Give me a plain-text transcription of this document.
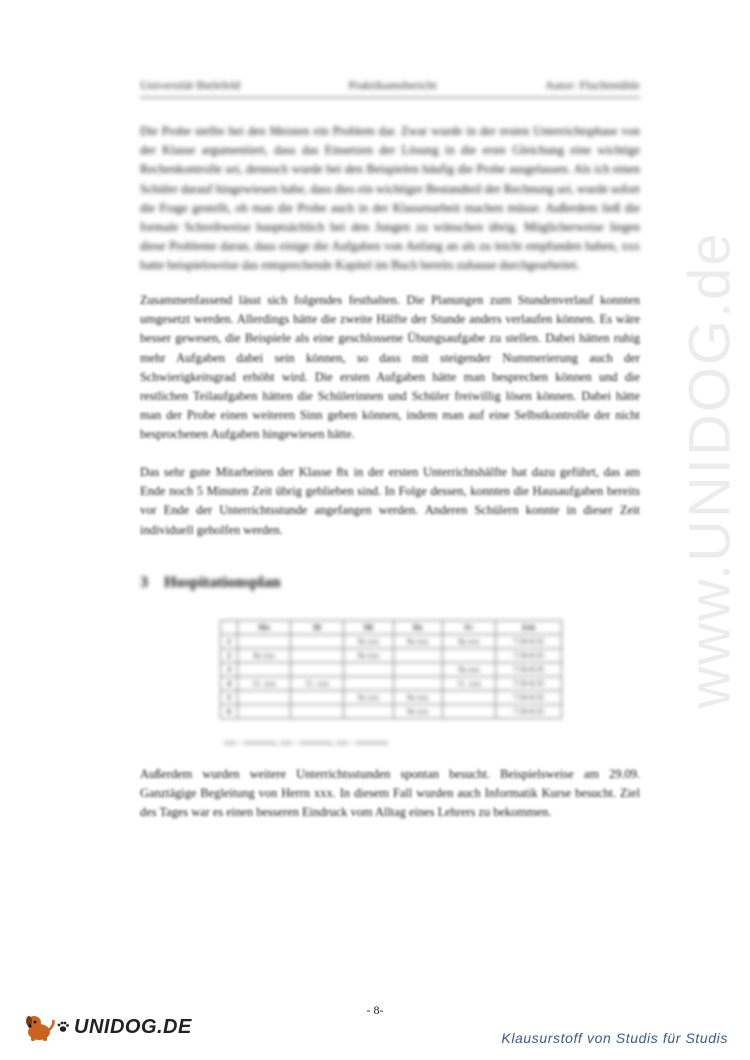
Universität Bielefeld	Praktikumsbericht	Autor: Fluchtmühle

Die Probe stellte bei den Meisten ein Problem dar. Zwar wurde in der ersten Unterrichtsphase von der Klasse argumentiert, dass das Einsetzen der Lösung in die erste Gleichung eine wichtige Rechenkontrolle sei, dennoch wurde bei den Beispielen häufig die Probe ausgelassen. Als ich einen Schüler darauf hingewiesen habe, dass dies ein wichtiger Bestandteil der Rechnung sei, wurde sofort die Frage gestellt, ob man die Probe auch in der Klassenarbeit machen müsse. Außerdem ließ die formale Schreibweise hauptsächlich bei den Jungen zu wünschen übrig. Möglicherweise liegen diese Probleme daran, dass einige die Aufgaben von Anfang an als zu leicht empfunden haben, xxx hatte beispielsweise das entsprechende Kapitel im Buch bereits zuhause durchgearbeitet.

Zusammenfassend lässt sich folgendes festhalten. Die Planungen zum Stundenverlauf konnten umgesetzt werden. Allerdings hätte die zweite Hälfte der Stunde anders verlaufen können. Es wäre besser gewesen, die Beispiele als eine geschlossene Übungsaufgabe zu stellen. Dabei hätten ruhig mehr Aufgaben dabei sein können, so dass mit steigender Nummerierung auch der Schwierigkeitsgrad erhöht wird. Die ersten Aufgaben hätte man besprechen können und die restlichen Teilaufgaben hätten die Schülerinnen und Schüler freiwillig lösen können. Dabei hätte man der Probe einen weiteren Sinn geben können, indem man auf eine Selbstkontrolle der nicht besprochenen Aufgaben hingewiesen hätte.

Das sehr gute Mitarbeiten der Klasse 8x in der ersten Unterrichtshälfte hat dazu geführt, das am Ende noch 5 Minuten Zeit übrig geblieben sind. In Folge dessen, konnten die Hausaufgaben bereits vor Ende der Unterrichtsstunde angefangen werden. Anderen Schülern konnte in dieser Zeit individuell geholfen werden.

3 Hospitationsplan
	Mo	Di	Mi	Do	Fr	Zeit
1			9a xxx	9a xxx	8a xxx	7:50-8:35
2	8a xxx		9a xxx			7:50-8:35
3					9a xxx	7:50-8:35
4	11. xxx	11. xxx			11. xxx	7:50-8:35
5			9a xxx	9a xxx		7:50-8:35
6				9a xxx		7:50-8:35
xxx – xxxxxxxx, xxx – xxxxxxxx, xxx – xxxxxxxx

Außerdem wurden weitere Unterrichtsstunden spontan besucht. Beispielsweise am 29.09. Ganztägige Begleitung von Herrn xxx. In diesem Fall wurden auch Informatik Kurse besucht. Ziel des Tages war es einen besseren Eindruck vom Alltag eines Lehrers zu bekommen.

- 8-
www.UNIDOG.de
UNIDOG.DE
Klausurstoff von Studis für Studis
